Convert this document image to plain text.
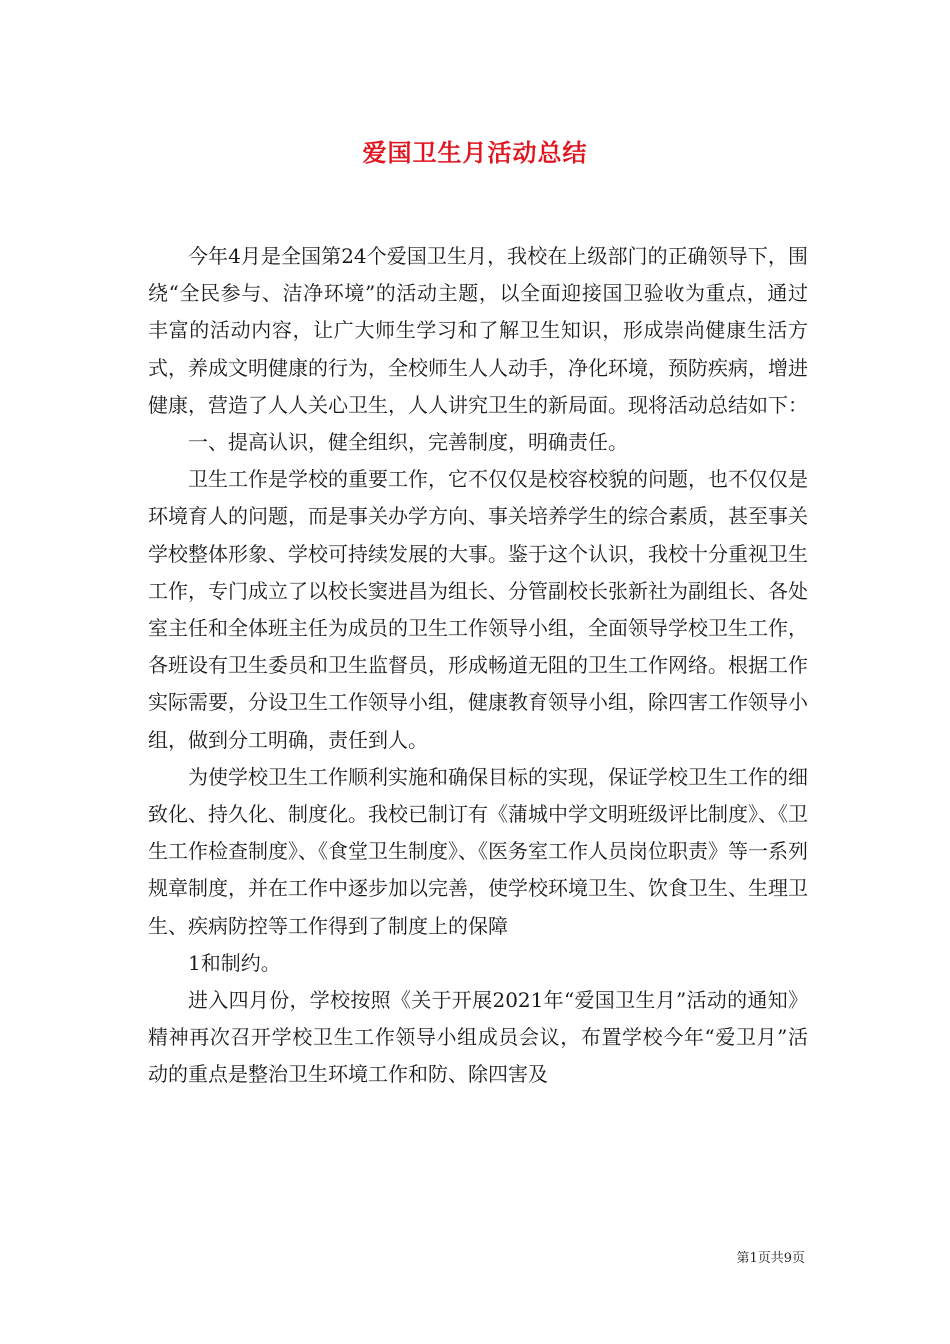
爱国卫生月活动总结

今年4月是全国第24个爱国卫生月，我校在上级部门的正确领导下，围绕“全民参与、洁净环境”的活动主题，以全面迎接国卫验收为重点，通过丰富的活动内容，让广大师生学习和了解卫生知识，形成崇尚健康生活方式，养成文明健康的行为，全校师生人人动手，净化环境，预防疾病，增进健康，营造了人人关心卫生，人人讲究卫生的新局面。现将活动总结如下：

一、提高认识，健全组织，完善制度，明确责任。

卫生工作是学校的重要工作，它不仅仅是校容校貌的问题，也不仅仅是环境育人的问题，而是事关办学方向、事关培养学生的综合素质，甚至事关学校整体形象、学校可持续发展的大事。鉴于这个认识，我校十分重视卫生工作，专门成立了以校长窦进昌为组长、分管副校长张新社为副组长、各处室主任和全体班主任为成员的卫生工作领导小组，全面领导学校卫生工作，各班设有卫生委员和卫生监督员，形成畅道无阻的卫生工作网络。根据工作实际需要，分设卫生工作领导小组，健康教育领导小组，除四害工作领导小组，做到分工明确，责任到人。

为使学校卫生工作顺利实施和确保目标的实现，保证学校卫生工作的细致化、持久化、制度化。我校已制订有《蒲城中学文明班级评比制度》、《卫生工作检查制度》、《食堂卫生制度》、《医务室工作人员岗位职责》等一系列规章制度，并在工作中逐步加以完善，使学校环境卫生、饮食卫生、生理卫生、疾病防控等工作得到了制度上的保障

1和制约。

进入四月份，学校按照《关于开展2021年“爱国卫生月”活动的通知》精神再次召开学校卫生工作领导小组成员会议，布置学校今年“爱卫月”活动的重点是整治卫生环境工作和防、除四害及

第1页共9页
